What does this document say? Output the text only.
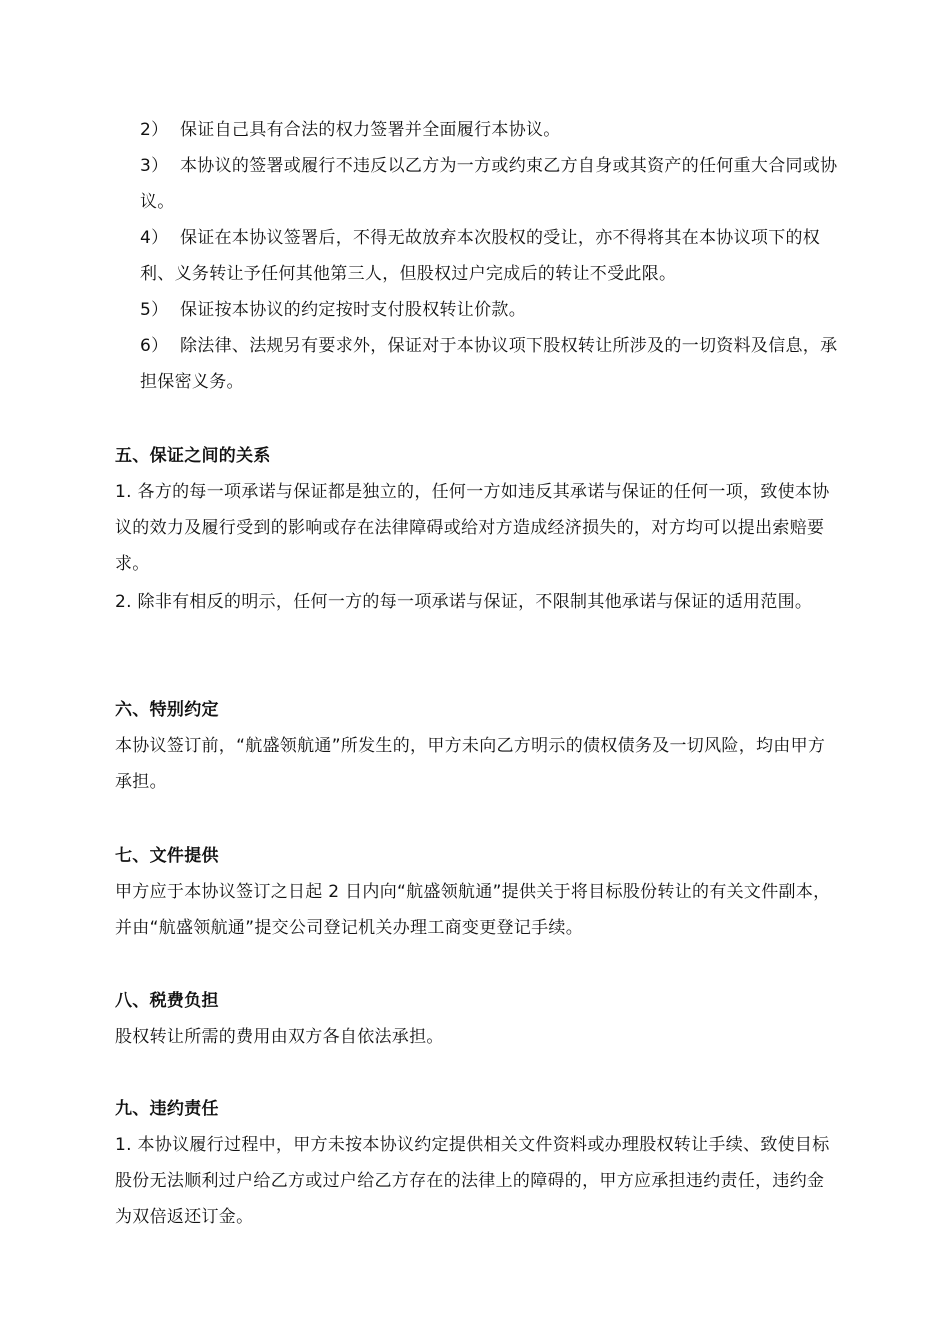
2） 保证自己具有合法的权力签署并全面履行本协议。
3） 本协议的签署或履行不违反以乙方为一方或约束乙方自身或其资产的任何重大合同或协议。
4） 保证在本协议签署后，不得无故放弃本次股权的受让，亦不得将其在本协议项下的权利、义务转让予任何其他第三人，但股权过户完成后的转让不受此限。
5） 保证按本协议的约定按时支付股权转让价款。
6） 除法律、法规另有要求外，保证对于本协议项下股权转让所涉及的一切资料及信息，承担保密义务。
五、保证之间的关系
1. 各方的每一项承诺与保证都是独立的，任何一方如违反其承诺与保证的任何一项，致使本协议的效力及履行受到的影响或存在法律障碍或给对方造成经济损失的，对方均可以提出索赔要求。
2. 除非有相反的明示，任何一方的每一项承诺与保证，不限制其他承诺与保证的适用范围。
六、特别约定
本协议签订前，“航盛领航通”所发生的，甲方未向乙方明示的债权债务及一切风险，均由甲方承担。
七、文件提供
甲方应于本协议签订之日起 2 日内向“航盛领航通”提供关于将目标股份转让的有关文件副本，并由“航盛领航通”提交公司登记机关办理工商变更登记手续。
八、税费负担
股权转让所需的费用由双方各自依法承担。
九、违约责任
1. 本协议履行过程中，甲方未按本协议约定提供相关文件资料或办理股权转让手续、致使目标股份无法顺利过户给乙方或过户给乙方存在的法律上的障碍的，甲方应承担违约责任，违约金为双倍返还订金。
